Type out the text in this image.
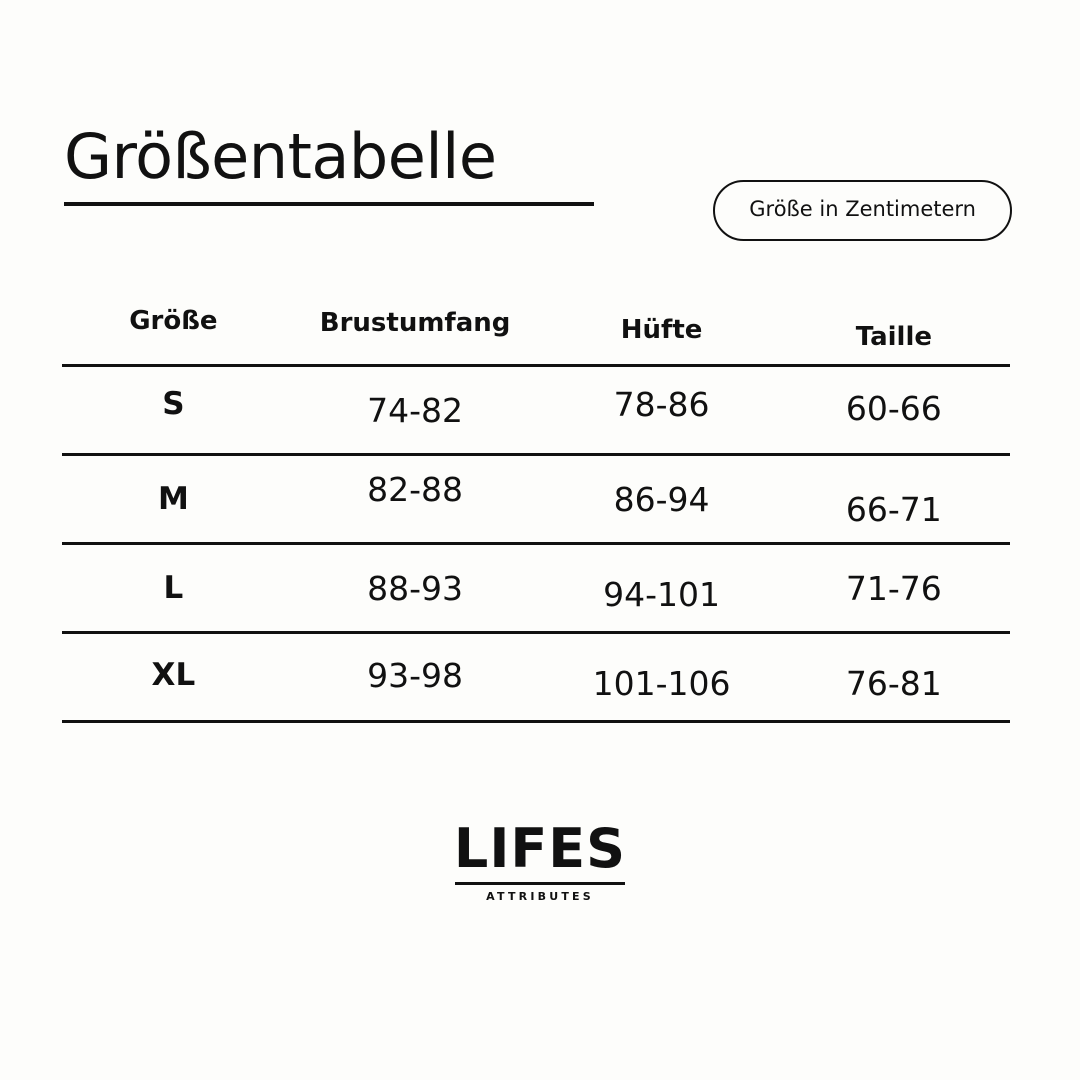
Größentabelle
Größe in Zentimetern
Größe	Brustumfang	Hüfte	Taille

S	74-82	78-86	60-66

M	82-88	86-94	66-71

L	88-93	94-101	71-76

XL	93-98	101-106	76-81
LIFES
ATTRIBUTES
